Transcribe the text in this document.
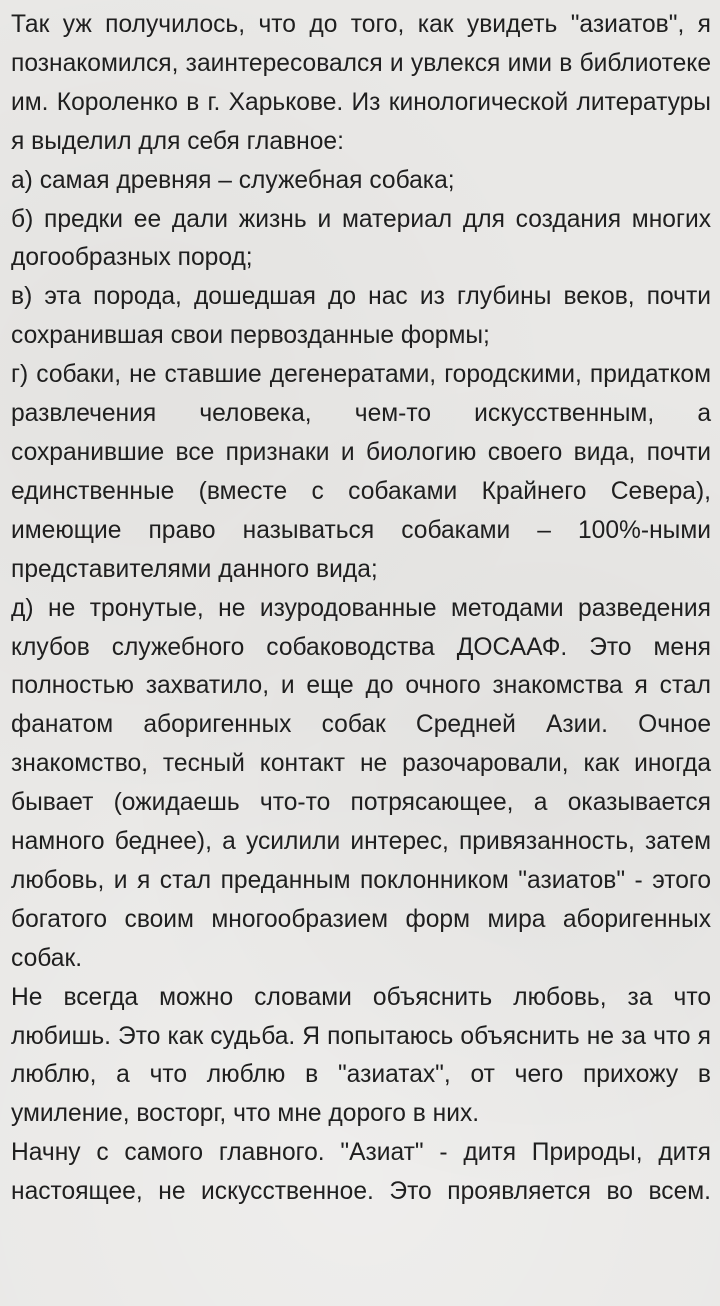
Так уж получилось, что до того, как увидеть "азиатов", я познакомился, заинтересовался и увлекся ими в библиотеке им. Короленко в г. Харькове. Из кинологической литературы я выделил для себя главное:

а) самая древняя – служебная собака;

б) предки ее дали жизнь и материал для создания многих догообразных пород;

в) эта порода, дошедшая до нас из глубины веков, почти сохранившая свои первозданные формы;

г) собаки, не ставшие дегенератами, городскими, придатком развлечения человека, чем-то искусственным, а сохранившие все признаки и биологию своего вида, почти единственные (вместе с собаками Крайнего Севера), имеющие право называться собаками – 100%-ными представителями данного вида;

д) не тронутые, не изуродованные методами разведения клубов служебного собаководства ДОСААФ. Это меня полностью захватило, и еще до очного знакомства я стал фанатом аборигенных собак Средней Азии. Очное знакомство, тесный контакт не разочаровали, как иногда бывает (ожидаешь что-то потрясающее, а оказывается намного беднее), а усилили интерес, привязанность, затем любовь, и я стал преданным поклонником "азиатов" - этого богатого своим многообразием форм мира аборигенных собак.

Не всегда можно словами объяснить любовь, за что любишь. Это как судьба. Я попытаюсь объяснить не за что я люблю, а что люблю в "азиатах", от чего прихожу в умиление, восторг, что мне дорого в них.

Начну с самого главного. "Азиат" - дитя Природы, дитя настоящее, не искусственное. Это проявляется во всем.
